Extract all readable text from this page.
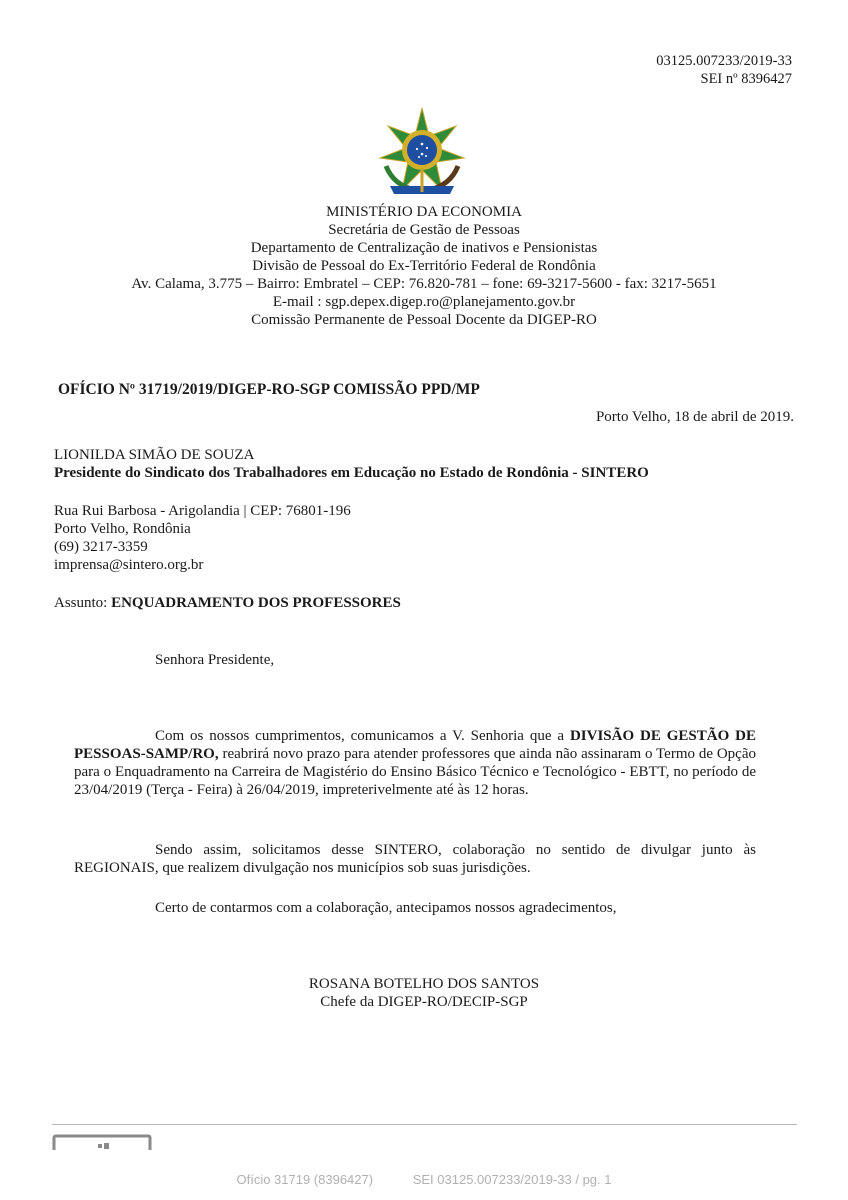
03125.007233/2019-33
SEI nº 8396427
MINISTÉRIO DA ECONOMIA
Secretária de Gestão de Pessoas
Departamento de Centralização de inativos e Pensionistas
Divisão de Pessoal do Ex-Território Federal de Rondônia
Av. Calama, 3.775 – Bairro: Embratel – CEP: 76.820-781 – fone: 69-3217-5600 - fax: 3217-5651
E-mail : sgp.depex.digep.ro@planejamento.gov.br
Comissão Permanente de Pessoal Docente da DIGEP-RO
OFÍCIO Nº 31719/2019/DIGEP-RO-SGP COMISSÃO PPD/MP
Porto Velho, 18 de abril de 2019.
LIONILDA SIMÃO DE SOUZA
Presidente do Sindicato dos Trabalhadores em Educação no Estado de Rondônia - SINTERO
Rua Rui Barbosa - Arigolandia | CEP: 76801-196
Porto Velho, Rondônia
(69) 3217-3359
imprensa@sintero.org.br
Assunto: ENQUADRAMENTO DOS PROFESSORES
Senhora Presidente,
Com os nossos cumprimentos, comunicamos a V. Senhoria que a DIVISÃO DE GESTÃO DE PESSOAS-SAMP/RO, reabrirá novo prazo para atender professores que ainda não assinaram o Termo de Opção para o Enquadramento na Carreira de Magistério do Ensino Básico Técnico e Tecnológico - EBTT, no período de 23/04/2019 (Terça - Feira) à 26/04/2019, impreterivelmente até às 12 horas.
Sendo assim, solicitamos desse SINTERO, colaboração no sentido de divulgar junto às REGIONAIS, que realizem divulgação nos municípios sob suas jurisdições.
Certo de contarmos com a colaboração, antecipamos nossos agradecimentos,
ROSANA BOTELHO DOS SANTOS
Chefe da DIGEP-RO/DECIP-SGP
Ofício 31719 (8396427)	SEI 03125.007233/2019-33 / pg. 1
